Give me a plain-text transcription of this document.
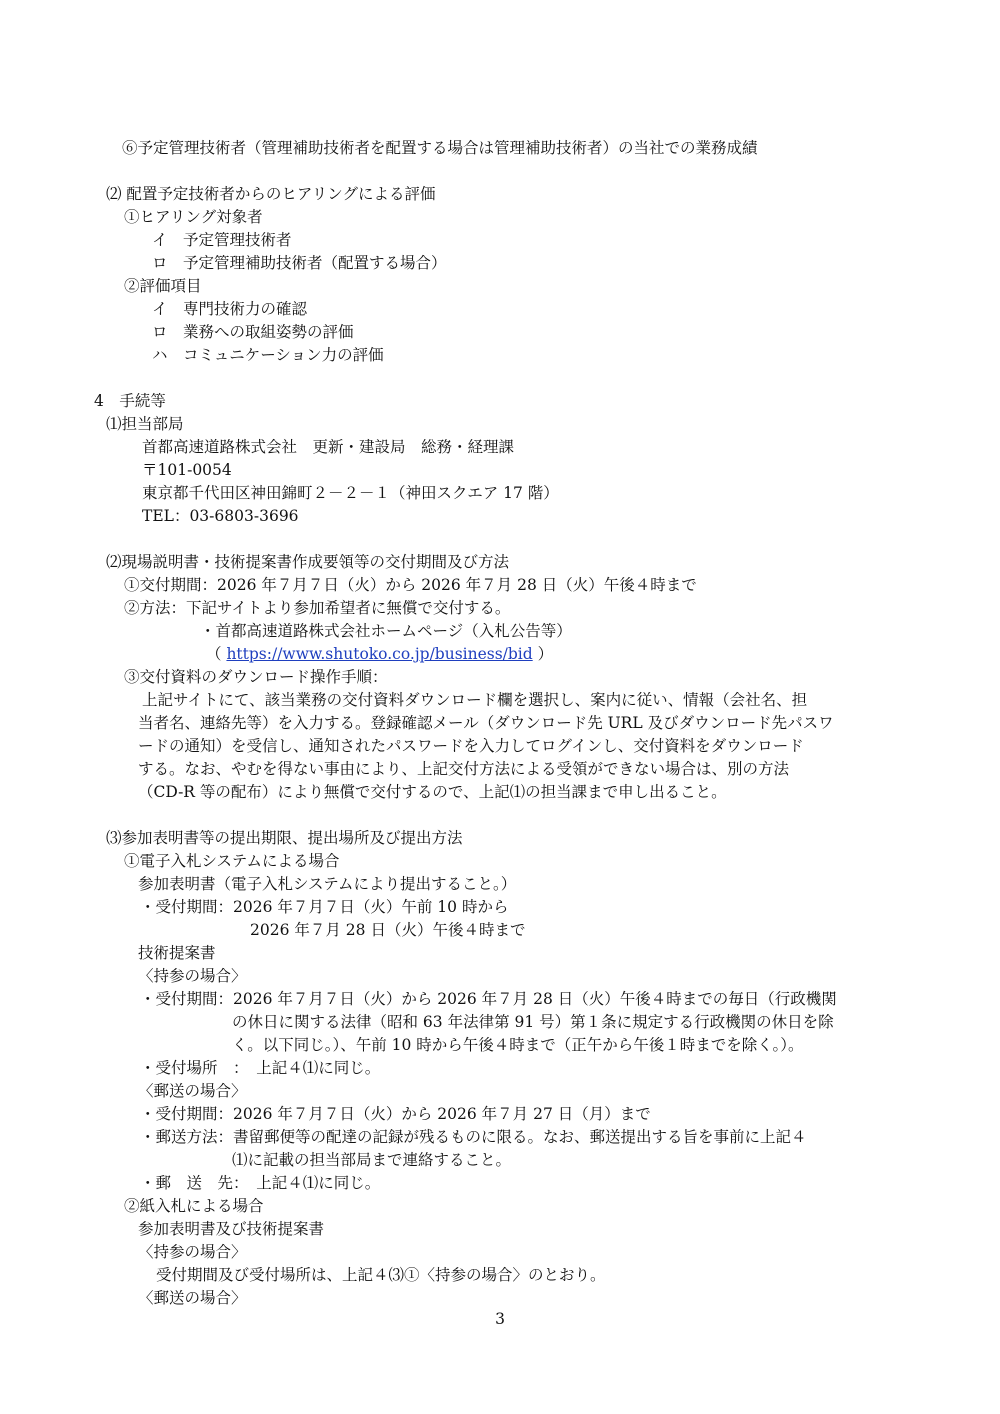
⑥予定管理技術者（管理補助技術者を配置する場合は管理補助技術者）の当社での業務成績
⑵ 配置予定技術者からのヒアリングによる評価
①ヒアリング対象者
イ　予定管理技術者
ロ　予定管理補助技術者（配置する場合）
②評価項目
イ　専門技術力の確認
ロ　業務への取組姿勢の評価
ハ　コミュニケーション力の評価
4　手続等
⑴担当部局
首都高速道路株式会社　更新・建設局　総務・経理課
〒101-0054
東京都千代田区神田錦町２－２－１（神田スクエア 17 階）
TEL：03-6803-3696
⑵現場説明書・技術提案書作成要領等の交付期間及び方法
①交付期間：2026 年７月７日（火）から 2026 年７月 28 日（火）午後４時まで
②方法：下記サイトより参加希望者に無償で交付する。
・首都高速道路株式会社ホームページ（入札公告等）
（ https://www.shutoko.co.jp/business/bid ）
③交付資料のダウンロード操作手順：
上記サイトにて、該当業務の交付資料ダウンロード欄を選択し、案内に従い、情報（会社名、担
当者名、連絡先等）を入力する。登録確認メール（ダウンロード先 URL 及びダウンロード先パスワ
ードの通知）を受信し、通知されたパスワードを入力してログインし、交付資料をダウンロード
する。なお、やむを得ない事由により、上記交付方法による受領ができない場合は、別の方法
（CD-R 等の配布）により無償で交付するので、上記⑴の担当課まで申し出ること。
⑶参加表明書等の提出期限、提出場所及び提出方法
①電子入札システムによる場合
参加表明書（電子入札システムにより提出すること。）
・受付期間：2026 年７月７日（火）午前 10 時から
2026 年７月 28 日（火）午後４時まで
技術提案書
〈持参の場合〉
・受付期間：2026 年７月７日（火）から 2026 年７月 28 日（火）午後４時までの毎日（行政機関
の休日に関する法律（昭和 63 年法律第 91 号）第１条に規定する行政機関の休日を除
く。以下同じ。）、午前 10 時から午後４時まで（正午から午後１時までを除く。）。
・受付場所　：　上記４⑴に同じ。
〈郵送の場合〉
・受付期間：2026 年７月７日（火）から 2026 年７月 27 日（月）まで
・郵送方法：書留郵便等の配達の記録が残るものに限る。なお、郵送提出する旨を事前に上記４
⑴に記載の担当部局まで連絡すること。
・郵　送　先：　上記４⑴に同じ。
②紙入札による場合
参加表明書及び技術提案書
〈持参の場合〉
受付期間及び受付場所は、上記４⑶①〈持参の場合〉のとおり。
〈郵送の場合〉
3
